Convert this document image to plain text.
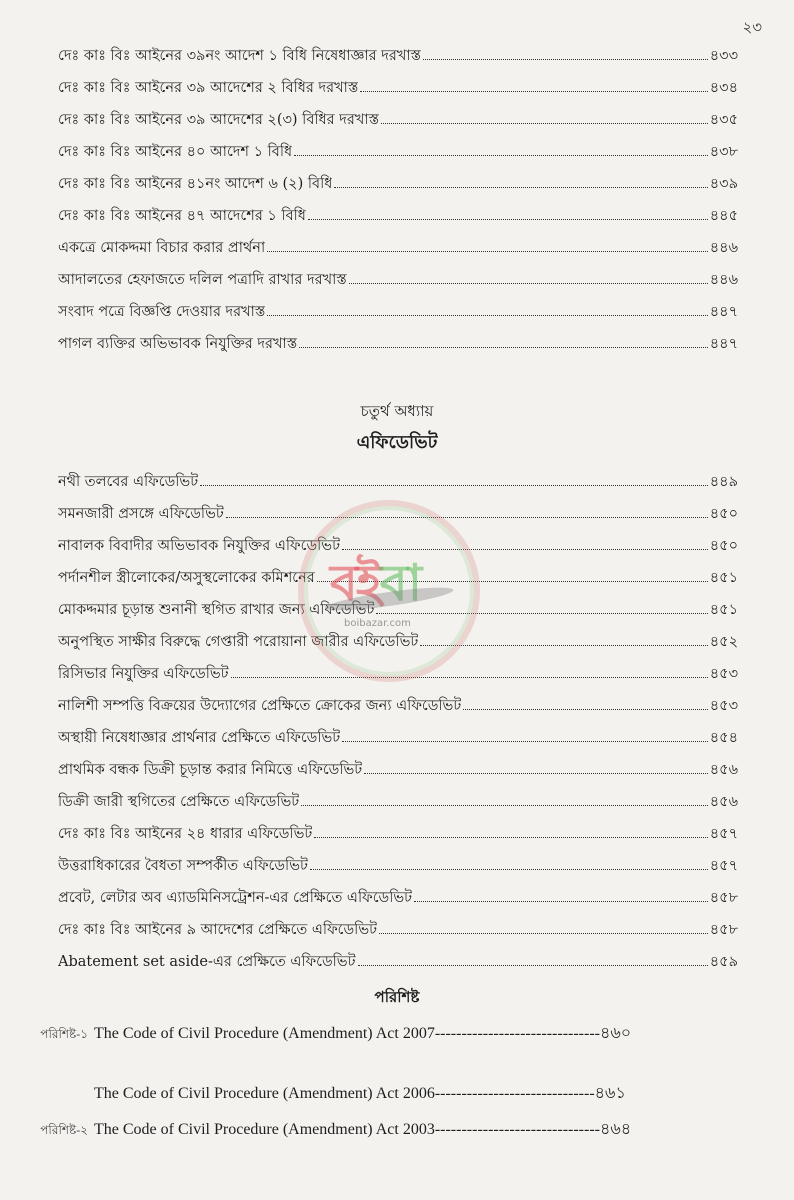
২৩
দেঃ কাঃ বিঃ আইনের ৩৯নং আদেশ ১ বিধি নিষেধাজ্ঞার দরখাস্ত	৪৩৩
দেঃ কাঃ বিঃ আইনের ৩৯ আদেশের ২ বিধির দরখাস্ত	৪৩৪
দেঃ কাঃ বিঃ আইনের ৩৯ আদেশের ২(৩) বিধির দরখাস্ত	৪৩৫
দেঃ কাঃ বিঃ আইনের ৪০ আদেশ ১ বিধি	৪৩৮
দেঃ কাঃ বিঃ আইনের ৪১নং আদেশ ৬ (২) বিধি	৪৩৯
দেঃ কাঃ বিঃ আইনের ৪৭ আদেশের ১ বিধি	৪৪৫
একত্রে মোকদ্দমা বিচার করার প্রার্থনা	৪৪৬
আদালতের হেফাজতে দলিল পত্রাদি রাখার দরখাস্ত	৪৪৬
সংবাদ পত্রে বিজ্ঞপ্তি দেওয়ার দরখাস্ত	৪৪৭
পাগল ব্যক্তির অভিভাবক নিযুক্তির দরখাস্ত	৪৪৭
চতুর্থ অধ্যায়
এফিডেভিট
নথী তলবের এফিডেভিট	৪৪৯
সমনজারী প্রসঙ্গে এফিডেভিট	৪৫০
নাবালক বিবাদীর অভিভাবক নিযুক্তির এফিডেভিট	৪৫০
পর্দানশীল স্ত্রীলোকের/অসুস্থলোকের কমিশনের	৪৫১
মোকদ্দমার চূড়ান্ত শুনানী স্থগিত রাখার জন্য এফিডেভিট	৪৫১
অনুপস্থিত সাক্ষীর বিরুদ্ধে গেপ্তারী পরোয়ানা জারীর এফিডেভিট	৪৫২
রিসিভার নিযুক্তির এফিডেভিট	৪৫৩
নালিশী সম্পত্তি বিক্রয়ের উদ্যোগের প্রেক্ষিতে ক্রোকের জন্য এফিডেভিট	৪৫৩
অস্থায়ী নিষেধাজ্ঞার প্রার্থনার প্রেক্ষিতে এফিডেভিট	৪৫৪
প্রাথমিক বন্ধক ডিক্রী চূড়ান্ত করার নিমিত্তে এফিডেভিট	৪৫৬
ডিক্রী জারী স্থগিতের প্রেক্ষিতে এফিডেভিট	৪৫৬
দেঃ কাঃ বিঃ আইনের ২৪ ধারার এফিডেভিট	৪৫৭
উত্তরাধিকারের বৈধতা সম্পর্কীত এফিডেভিট	৪৫৭
প্রবেট, লেটার অব এ্যাডমিনিসট্রেশন-এর প্রেক্ষিতে এফিডেভিট	৪৫৮
দেঃ কাঃ বিঃ আইনের ৯ আদেশের প্রেক্ষিতে এফিডেভিট	৪৫৮
Abatement set aside-এর প্রেক্ষিতে এফিডেভিট	৪৫৯
পরিশিষ্ট
পরিশিষ্ট-১ The Code of Civil Procedure (Amendment) Act 2007 ------------------------------- ৪৬০
The Code of Civil Procedure (Amendment) Act 2006 ------------------------------ ৪৬১
পরিশিষ্ট-২ The Code of Civil Procedure (Amendment) Act 2003 ------------------------------- ৪৬৪
বইবা
boibazar.com
